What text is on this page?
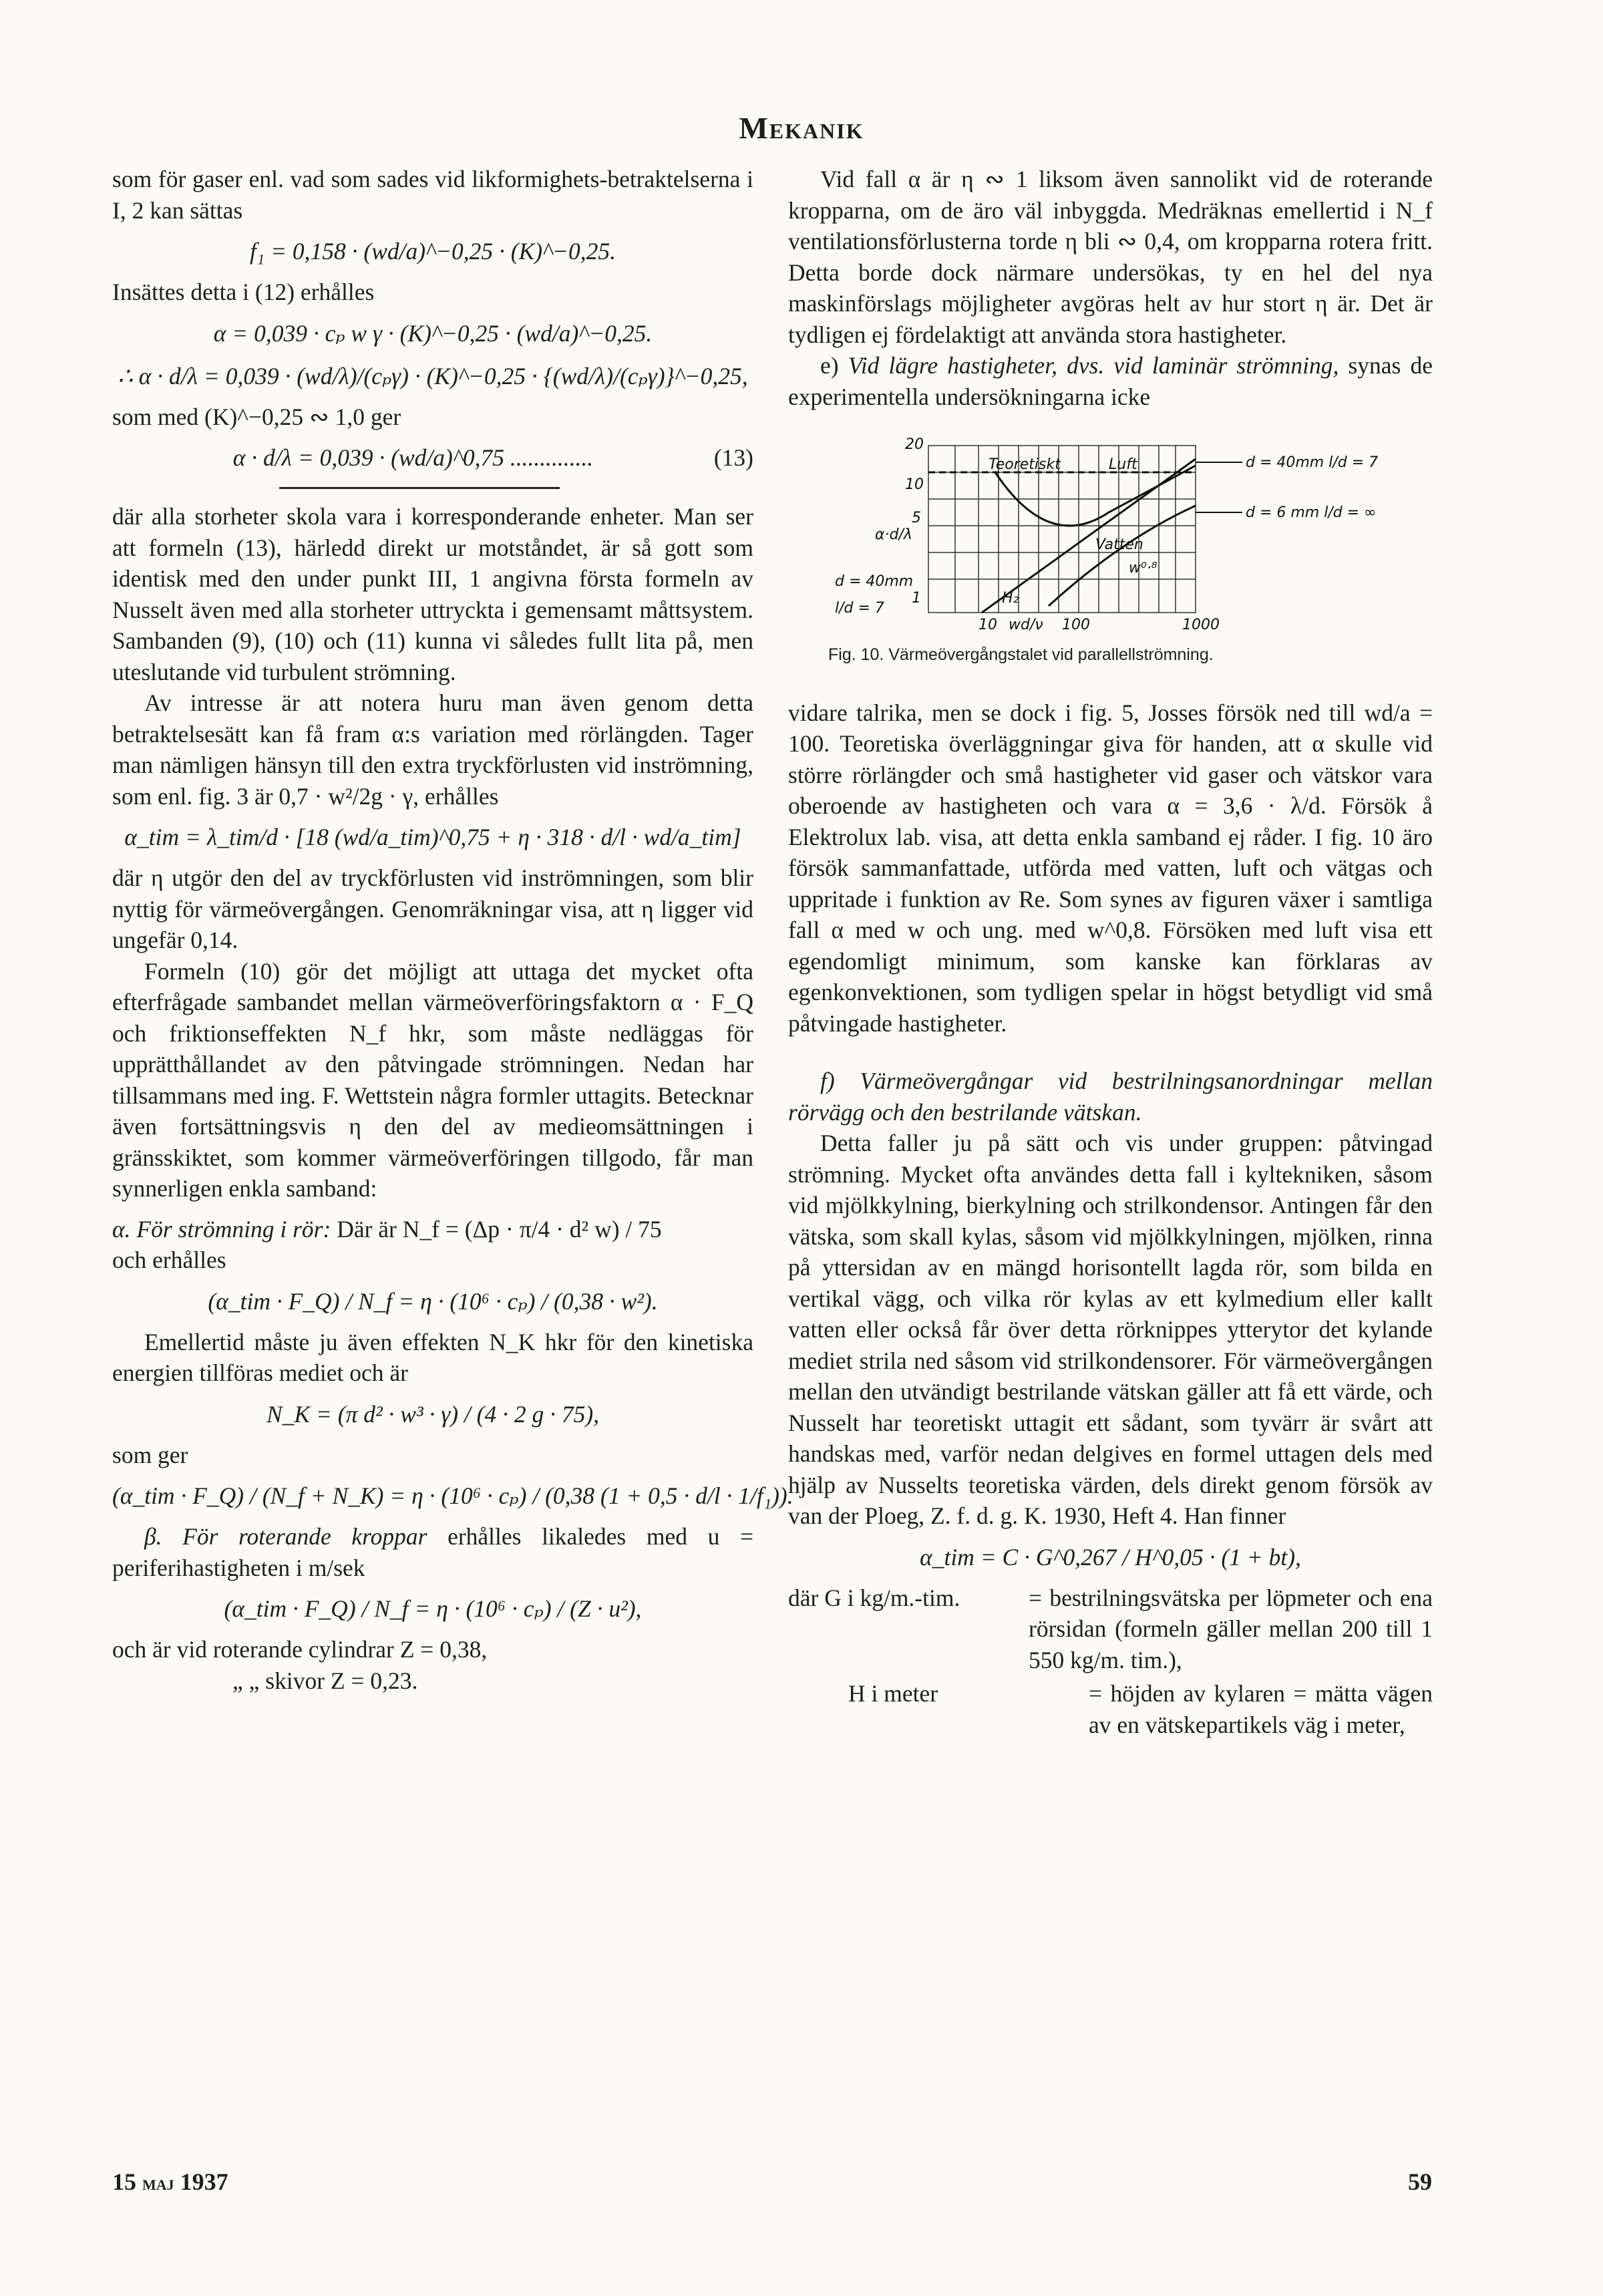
Mekanik

som för gaser enl. vad som sades vid likformighets-betraktelserna i I, 2 kan sättas

f₁ = 0,158 · (wd/a)^−0,25 · (K)^−0,25.

Insättes detta i (12) erhålles

α = 0,039 · cₚ w γ · (K)^−0,25 · (wd/a)^−0,25.
∴ α · d/λ = 0,039 · (wd/λ)/(cₚγ) · (K)^−0,25 · {(wd/λ)/(cₚγ)}^−0,25,

som med (K)^−0,25 ∾ 1,0 ger

(13)
α · d/λ = 0,039 · (wd/a)^0,75 ..............

där alla storheter skola vara i korresponderande enheter. Man ser att formeln (13), härledd direkt ur motståndet, är så gott som identisk med den under punkt III, 1 angivna första formeln av Nusselt även med alla storheter uttryckta i gemensamt måttsystem. Sambanden (9), (10) och (11) kunna vi således fullt lita på, men uteslutande vid turbulent strömning.

Av intresse är att notera huru man även genom detta betraktelsesätt kan få fram α:s variation med rörlängden. Tager man nämligen hänsyn till den extra tryckförlusten vid inströmning, som enl. fig. 3 är 0,7 · w²/2g · γ, erhålles

α_tim = λ_tim/d · [18 (wd/a_tim)^0,75 + η · 318 · d/l · wd/a_tim]

där η utgör den del av tryckförlusten vid inströmningen, som blir nyttig för värmeövergången. Genomräkningar visa, att η ligger vid ungefär 0,14.

Formeln (10) gör det möjligt att uttaga det mycket ofta efterfrågade sambandet mellan värmeöverföringsfaktorn α · F_Q och friktionseffekten N_f hkr, som måste nedläggas för upprätthållandet av den påtvingade strömningen. Nedan har tillsammans med ing. F. Wettstein några formler uttagits. Betecknar även fortsättningsvis η den del av medieomsättningen i gränsskiktet, som kommer värmeöverföringen tillgodo, får man synnerligen enkla samband:

α. För strömning i rör: Där är N_f = (Δp · π/4 · d² w) / 75

och erhålles

(α_tim · F_Q) / N_f = η · (10⁶ · cₚ) / (0,38 · w²).

Emellertid måste ju även effekten N_K hkr för den kinetiska energien tillföras mediet och är

N_K = (π d² · w³ · γ) / (4 · 2 g · 75),

som ger

(α_tim · F_Q) / (N_f + N_K) = η · (10⁶ · cₚ) / (0,38 (1 + 0,5 · d/l · 1/f₁)).

β. För roterande kroppar erhålles likaledes med u = periferihastigheten i m/sek

(α_tim · F_Q) / N_f = η · (10⁶ · cₚ) / (Z · u²),

och är vid roterande cylindrar Z = 0,38,

„ „ skivor Z = 0,23.

Vid fall α är η ∾ 1 liksom även sannolikt vid de roterande kropparna, om de äro väl inbyggda. Medräknas emellertid i N_f ventilationsförlusterna torde η bli ∾ 0,4, om kropparna rotera fritt. Detta borde dock närmare undersökas, ty en hel del nya maskinförslags möjligheter avgöras helt av hur stort η är. Det är tydligen ej fördelaktigt att använda stora hastigheter.

e) Vid lägre hastigheter, dvs. vid laminär strömning, synas de experimentella undersökningarna icke

20
10
5
1
α·d/λ
10	100	1000
wd/ν
Teoretiskt	Luft
Vatten
H₂
w⁰·⁸
d = 40mm l/d = 7
d = 6 mm l/d = ∞
d = 40mm
l/d = 7
Fig. 10. Värmeövergångstalet vid parallellströmning.

vidare talrika, men se dock i fig. 5, Josses försök ned till wd/a = 100. Teoretiska överläggningar giva för handen, att α skulle vid större rörlängder och små hastigheter vid gaser och vätskor vara oberoende av hastigheten och vara α = 3,6 · λ/d. Försök å Elektrolux lab. visa, att detta enkla samband ej råder. I fig. 10 äro försök sammanfattade, utförda med vatten, luft och vätgas och uppritade i funktion av Re. Som synes av figuren växer i samtliga fall α med w och ung. med w^0,8. Försöken med luft visa ett egendomligt minimum, som kanske kan förklaras av egenkonvektionen, som tydligen spelar in högst betydligt vid små påtvingade hastigheter.

f) Värmeövergångar vid bestrilningsanordningar mellan rörvägg och den bestrilande vätskan.

Detta faller ju på sätt och vis under gruppen: påtvingad strömning. Mycket ofta användes detta fall i kyltekniken, såsom vid mjölkkylning, bierkylning och strilkondensor. Antingen får den vätska, som skall kylas, såsom vid mjölkkylningen, mjölken, rinna på yttersidan av en mängd horisontellt lagda rör, som bilda en vertikal vägg, och vilka rör kylas av ett kylmedium eller kallt vatten eller också får över detta rörknippes ytterytor det kylande mediet strila ned såsom vid strilkondensorer. För värmeövergången mellan den utvändigt bestrilande vätskan gäller att få ett värde, och Nusselt har teoretiskt uttagit ett sådant, som tyvärr är svårt att handskas med, varför nedan delgives en formel uttagen dels med hjälp av Nusselts teoretiska värden, dels direkt genom försök av van der Ploeg, Z. f. d. g. K. 1930, Heft 4. Han finner

α_tim = C · G^0,267 / H^0,05 · (1 + bt),
där G i kg/m.-tim.	= bestrilningsvätska per löpmeter och ena rörsidan (formeln gäller mellan 200 till 1 550 kg/m. tim.),
H i meter	= höjden av kylaren = mätta vägen av en vätskepartikels väg i meter,
15 maj 1937	59
